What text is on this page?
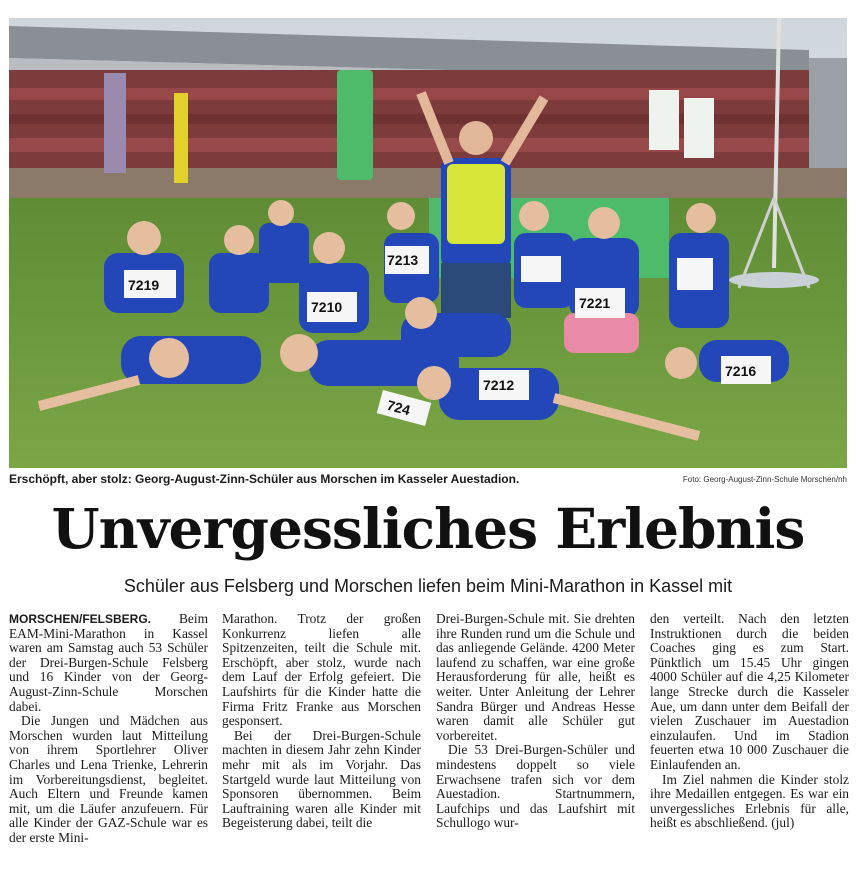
7219
7210
7213
7221
7216
7212
724
Erschöpft, aber stolz: Georg-August-Zinn-Schüler aus Morschen im Kasseler Auestadion.	Foto: Georg-August-Zinn-Schule Morschen/nh
Unvergessliches Erlebnis
Schüler aus Felsberg und Morschen liefen beim Mini-Marathon in Kassel mit

MORSCHEN/FELSBERG. Beim EAM-Mini-Marathon in Kassel waren am Samstag auch 53 Schüler der Drei-Burgen-Schule Felsberg und 16 Kinder von der Georg-August-Zinn-Schule Morschen dabei.

Die Jungen und Mädchen aus Morschen wurden laut Mitteilung von ihrem Sportlehrer Oliver Charles und Lena Trienke, Lehrerin im Vorbereitungsdienst, begleitet. Auch Eltern und Freunde kamen mit, um die Läufer anzufeuern. Für alle Kinder der GAZ-Schule war es der erste Mini-

Marathon. Trotz der großen Konkurrenz liefen alle Spitzenzeiten, teilt die Schule mit. Erschöpft, aber stolz, wurde nach dem Lauf der Erfolg gefeiert. Die Laufshirts für die Kinder hatte die Firma Fritz Franke aus Morschen gesponsert.

Bei der Drei-Burgen-Schule machten in diesem Jahr zehn Kinder mehr mit als im Vorjahr. Das Startgeld wurde laut Mitteilung von Sponsoren übernommen. Beim Lauftraining waren alle Kinder mit Begeisterung dabei, teilt die

Drei-Burgen-Schule mit. Sie drehten ihre Runden rund um die Schule und das anliegende Gelände. 4200 Meter laufend zu schaffen, war eine große Herausforderung für alle, heißt es weiter. Unter Anleitung der Lehrer Sandra Bürger und Andreas Hesse waren damit alle Schüler gut vorbereitet.

Die 53 Drei-Burgen-Schüler und mindestens doppelt so viele Erwachsene trafen sich vor dem Auestadion. Startnummern, Laufchips und das Laufshirt mit Schullogo wur-

den verteilt. Nach den letzten Instruktionen durch die beiden Coaches ging es zum Start. Pünktlich um 15.45 Uhr gingen 4000 Schüler auf die 4,25 Kilometer lange Strecke durch die Kasseler Aue, um dann unter dem Beifall der vielen Zuschauer im Auestadion einzulaufen. Und im Stadion feuerten etwa 10 000 Zuschauer die Einlaufenden an.

Im Ziel nahmen die Kinder stolz ihre Medaillen entgegen. Es war ein unvergessliches Erlebnis für alle, heißt es abschließend. (jul)
